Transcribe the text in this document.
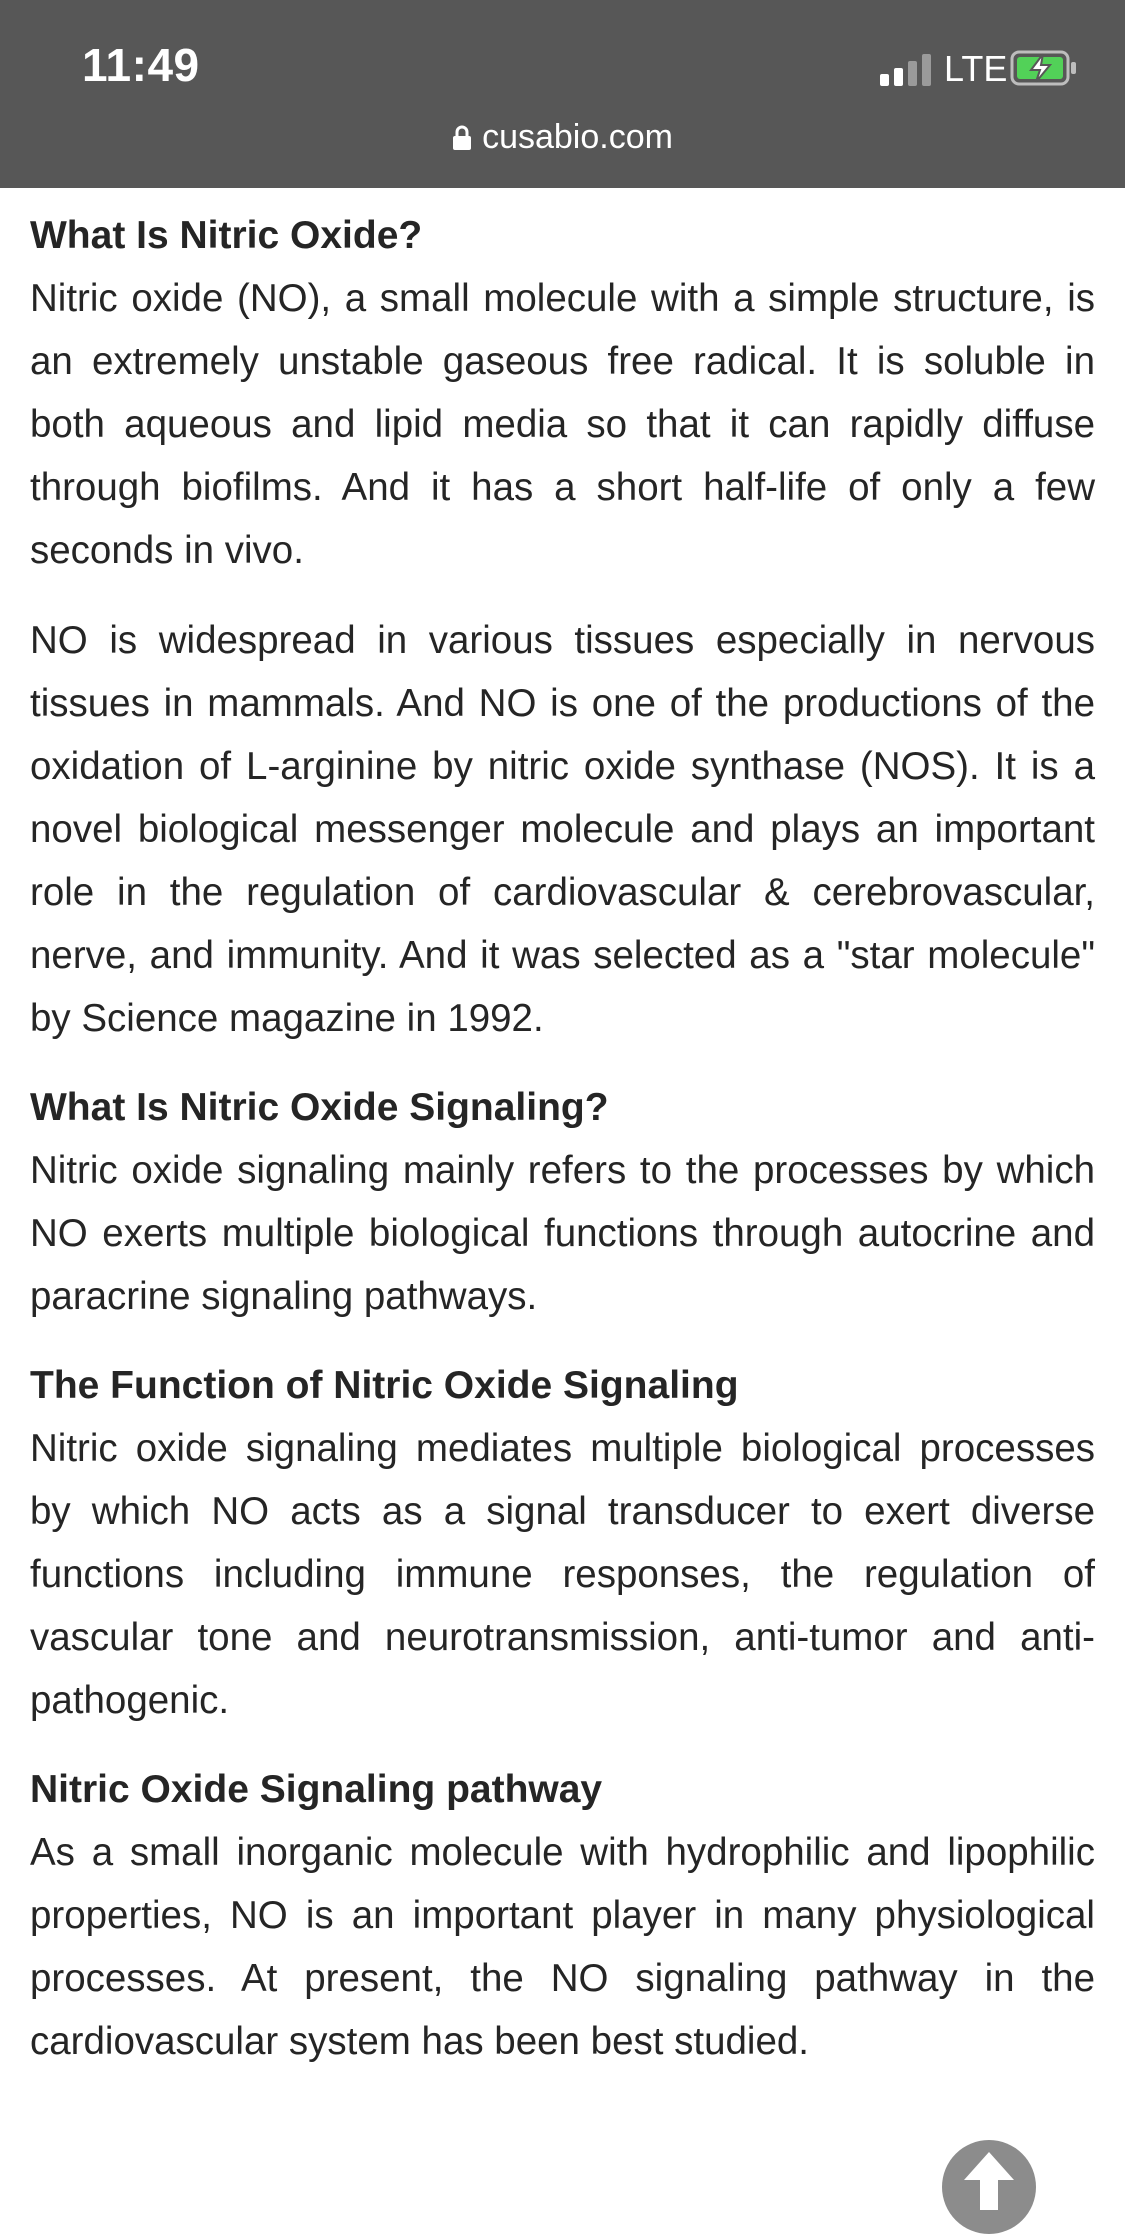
11:49	LTE
cusabio.com
What Is Nitric Oxide?

Nitric oxide (NO), a small molecule with a simple structure, is an extremely unstable gaseous free radical. It is soluble in both aqueous and lipid media so that it can rapidly diffuse through biofilms. And it has a short half-life of only a few seconds in vivo.

NO is widespread in various tissues especially in nervous tissues in mammals. And NO is one of the productions of the oxidation of L-arginine by nitric oxide synthase (NOS). It is a novel biological messenger molecule and plays an important role in the regulation of cardiovascular & cerebrovascular, nerve, and immunity. And it was selected as a "star molecule" by Science magazine in 1992.

What Is Nitric Oxide Signaling?

Nitric oxide signaling mainly refers to the processes by which NO exerts multiple biological functions through autocrine and paracrine signaling pathways.

The Function of Nitric Oxide Signaling

Nitric oxide signaling mediates multiple biological processes by which NO acts as a signal transducer to exert diverse functions including immune responses, the regulation of vascular tone and neurotransmission, anti-tumor and anti-pathogenic.

Nitric Oxide Signaling pathway

As a small inorganic molecule with hydrophilic and lipophilic properties, NO is an important player in many physiological processes. At present, the NO signaling pathway in the cardiovascular system has been best studied.
